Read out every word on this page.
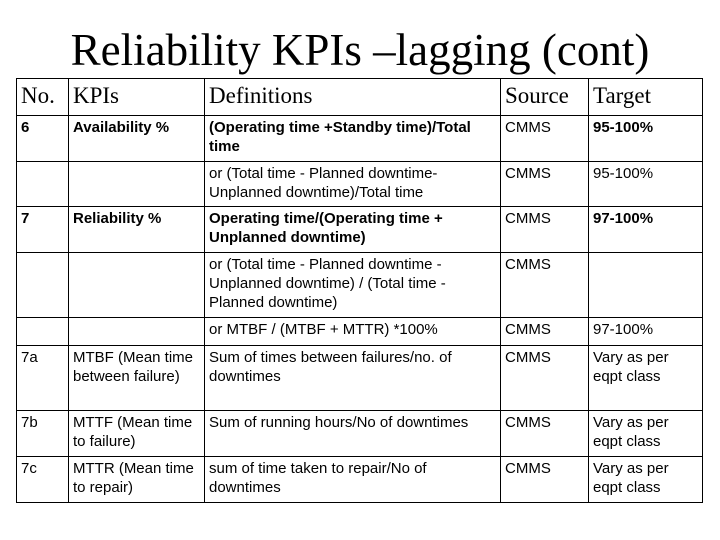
Reliability KPIs –lagging (cont)
No.	KPIs	Definitions	Source	Target
6	Availability %	(Operating time +Standby time)/Total time	CMMS	95-100%
		or (Total time - Planned downtime- Unplanned downtime)/Total time	CMMS	95-100%
7	Reliability %	Operating time/(Operating time + Unplanned downtime)	CMMS	97-100%
		or (Total time - Planned downtime - Unplanned downtime) / (Total time - Planned downtime)	CMMS	
		or MTBF / (MTBF + MTTR) *100%	CMMS	97-100%
7a	MTBF (Mean time between failure)	Sum of times between failures/no. of downtimes	CMMS	Vary as per eqpt class
7b	MTTF (Mean time to failure)	Sum of running hours/No of downtimes	CMMS	Vary as per eqpt class
7c	MTTR (Mean time to repair)	sum of time taken to repair/No of downtimes	CMMS	Vary as per eqpt class
